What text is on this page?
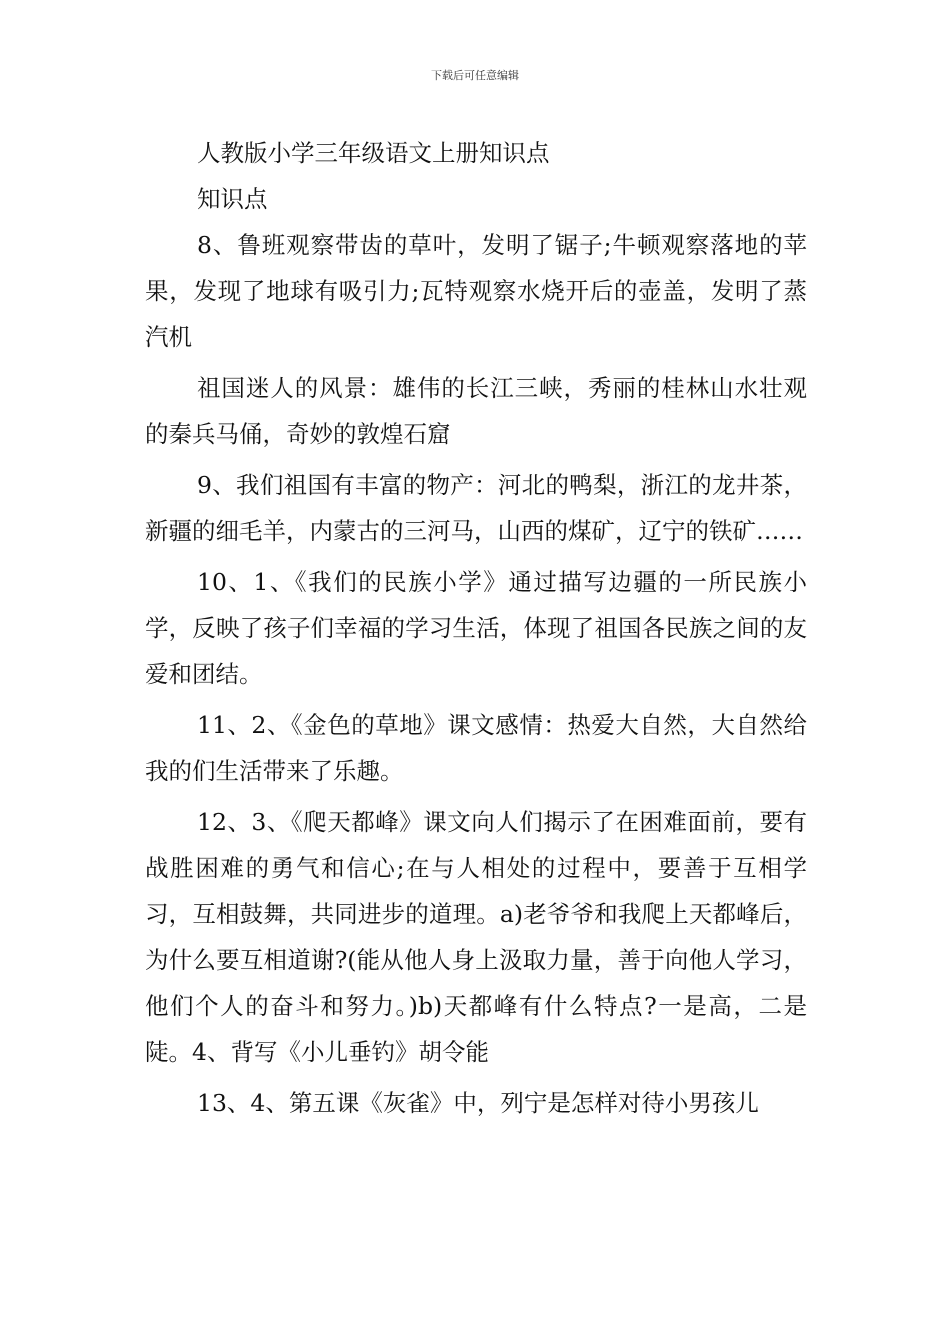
下载后可任意编辑

人教版小学三年级语文上册知识点

知识点

8、鲁班观察带齿的草叶，发明了锯子;牛顿观察落地的苹果，发现了地球有吸引力;瓦特观察水烧开后的壶盖，发明了蒸汽机

祖国迷人的风景：雄伟的长江三峡，秀丽的桂林山水壮观的秦兵马俑，奇妙的敦煌石窟

9、我们祖国有丰富的物产：河北的鸭梨，浙江的龙井茶，新疆的细毛羊，内蒙古的三河马，山西的煤矿，辽宁的铁矿……

10、1、《我们的民族小学》通过描写边疆的一所民族小学，反映了孩子们幸福的学习生活，体现了祖国各民族之间的友爱和团结。

11、2、《金色的草地》课文感情：热爱大自然，大自然给我的们生活带来了乐趣。

12、3、《爬天都峰》课文向人们揭示了在困难面前，要有战胜困难的勇气和信心;在与人相处的过程中，要善于互相学习，互相鼓舞，共同进步的道理。a)老爷爷和我爬上天都峰后，为什么要互相道谢?(能从他人身上汲取力量，善于向他人学习，他们个人的奋斗和努力。)b)天都峰有什么特点?一是高，二是陡。4、背写《小儿垂钓》胡令能

13、4、第五课《灰雀》中，列宁是怎样对待小男孩儿
